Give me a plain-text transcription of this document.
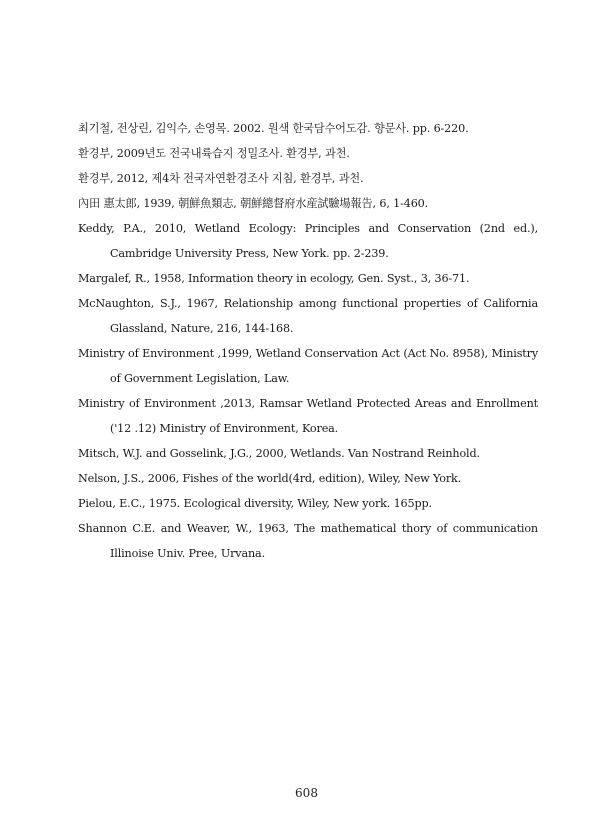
최기철, 전상린, 김익수, 손영목. 2002. 원색 한국담수어도감. 향문사. pp. 6-220.
환경부, 2009년도 전국내륙습지 정밀조사. 환경부, 과천.
환경부, 2012, 제4차 전국자연환경조사 지침, 환경부, 과천.
內田 惠太郎, 1939, 朝鮮魚類志, 朝鮮總督府水産試驗場報告, 6, 1-460.
Keddy, P.A., 2010, Wetland Ecology: Principles and Conservation (2nd ed.), Cambridge University Press, New York. pp. 2-239.
Margalef, R., 1958, Information theory in ecology, Gen. Syst., 3, 36-71.
McNaughton, S.J., 1967, Relationship among functional properties of California Glassland, Nature, 216, 144-168.
Ministry of Environment ,1999, Wetland Conservation Act (Act No. 8958), Ministry of Government Legislation, Law.
Ministry of Environment ,2013, Ramsar Wetland Protected Areas and Enrollment ('12 .12) Ministry of Environment, Korea.
Mitsch, W.J. and Gosselink, J.G., 2000, Wetlands. Van Nostrand Reinhold.
Nelson, J.S., 2006, Fishes of the world(4rd, edition), Wiley, New York.
Pielou, E.C., 1975. Ecological diversity, Wiley, New york. 165pp.
Shannon C.E. and Weaver, W., 1963, The mathematical thory of communication Illinoise Univ. Pree, Urvana.
608
